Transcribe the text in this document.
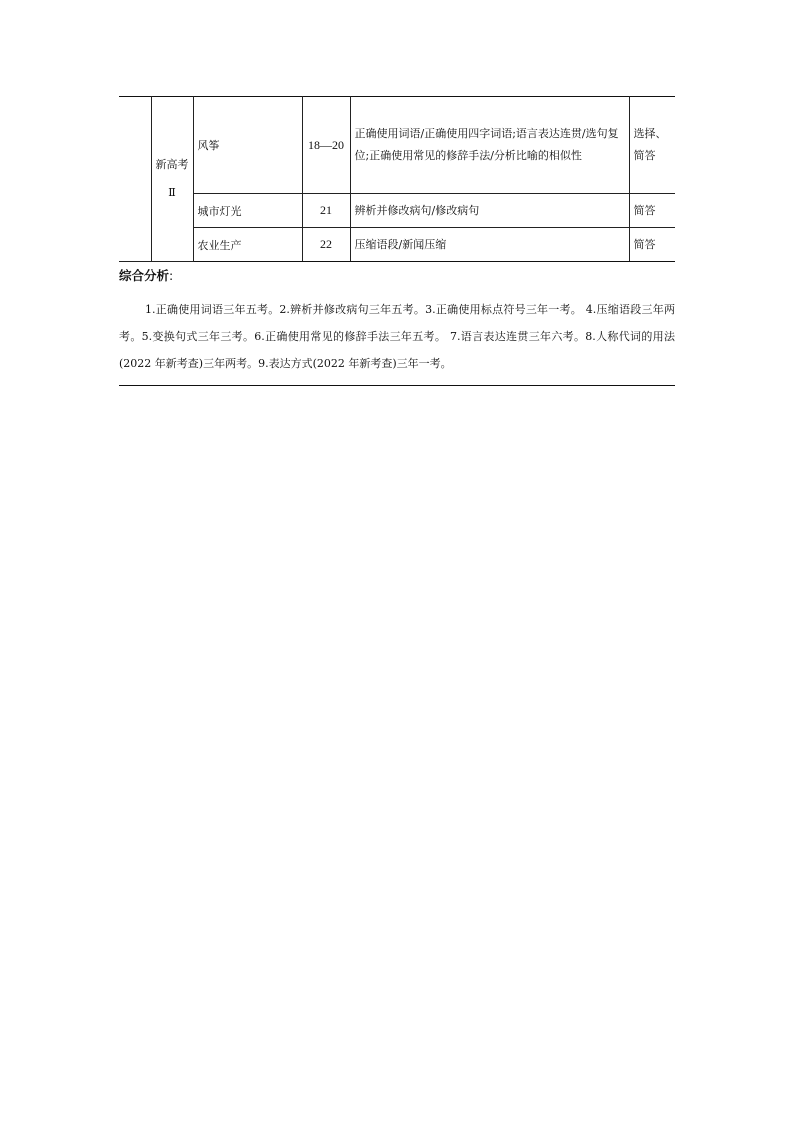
	新高考Ⅱ	风筝	18—20	正确使用词语/正确使用四字词语;语言表达连贯/选句复位;正确使用常见的修辞手法/分析比喻的相似性	选择、简答
		城市灯光	21	辨析并修改病句/修改病句	简答
		农业生产	22	压缩语段/新闻压缩	简答
综合分析:
1.正确使用词语三年五考。2.辨析并修改病句三年五考。3.正确使用标点符号三年一考。 4.压缩语段三年两考。5.变换句式三年三考。6.正确使用常见的修辞手法三年五考。 7.语言表达连贯三年六考。8.人称代词的用法(2022 年新考查)三年两考。9.表达方式(2022 年新考查)三年一考。
